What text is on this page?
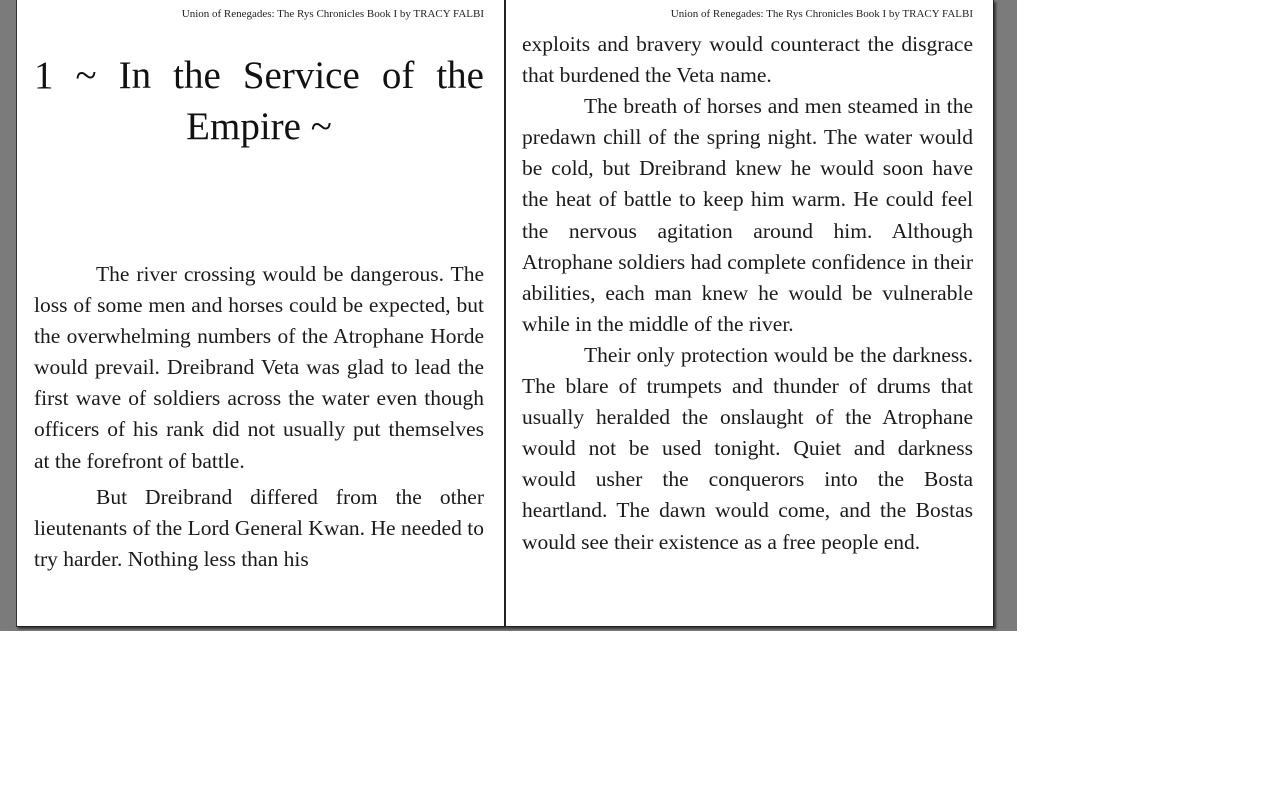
Union of Renegades: The Rys Chronicles Book I by TRACY FALBI
1 ~ In the Service of the Empire ~

The river crossing would be dangerous. The loss of some men and horses could be expected, but the overwhelming numbers of the Atrophane Horde would prevail. Dreibrand Veta was glad to lead the first wave of soldiers across the water even though officers of his rank did not usually put themselves at the forefront of battle.

But Dreibrand differed from the other lieutenants of the Lord General Kwan. He needed to try harder. Nothing less than his

Union of Renegades: The Rys Chronicles Book I by TRACY FALBI

exploits and bravery would counteract the disgrace that burdened the Veta name.

The breath of horses and men steamed in the predawn chill of the spring night. The water would be cold, but Dreibrand knew he would soon have the heat of battle to keep him warm. He could feel the nervous agitation around him. Although Atrophane soldiers had complete confidence in their abilities, each man knew he would be vulnerable while in the middle of the river.

Their only protection would be the darkness. The blare of trumpets and thunder of drums that usually heralded the onslaught of the Atrophane would not be used tonight. Quiet and darkness would usher the conquerors into the Bosta heartland. The dawn would come, and the Bostas would see their existence as a free people end.
